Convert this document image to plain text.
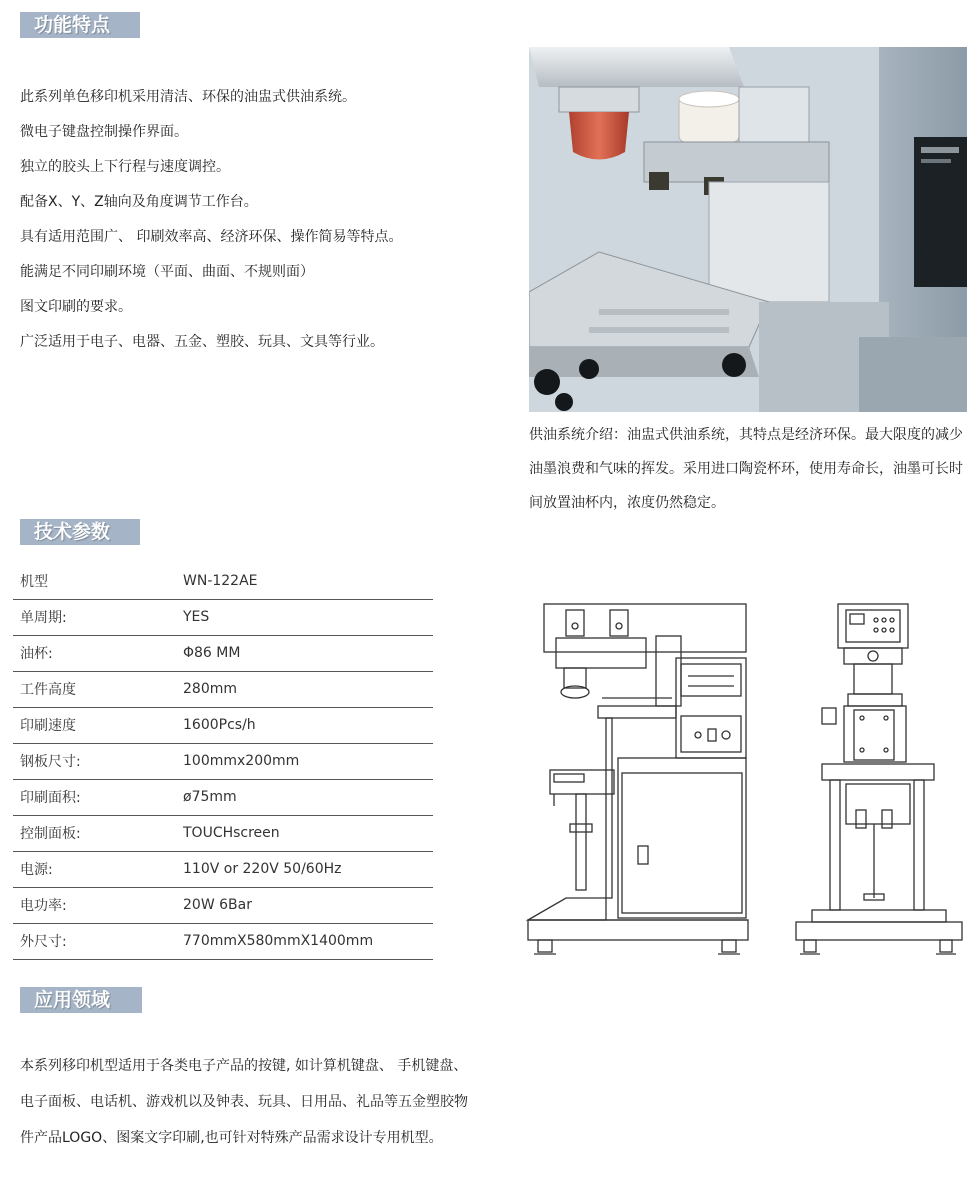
功能特点
此系列单色移印机采用清洁、环保的油盅式供油系统。
微电子键盘控制操作界面。
独立的胶头上下行程与速度调控。
配备X、Y、Z轴向及角度调节工作台。
具有适用范围广、 印刷效率高、经济环保、操作简易等特点。
能满足不同印刷环境（平面、曲面、不规则面）
图文印刷的要求。
广泛适用于电子、电器、五金、塑胶、玩具、文具等行业。
供油系统介绍：油盅式供油系统，其特点是经济环保。最大限度的减少油墨浪费和气味的挥发。采用进口陶瓷杯环，使用寿命长，油墨可长时间放置油杯内，浓度仍然稳定。
技术参数
机型	WN-122AE
单周期:	YES
油杯:	Φ86 MM
工件高度	280mm
印刷速度	1600Pcs/h
钢板尺寸:	100mmx200mm
印刷面积:	ø75mm
控制面板:	TOUCHscreen
电源:	110V or 220V 50/60Hz
电功率:	20W 6Bar
外尺寸:	770mmX580mmX1400mm
应用领域

本系列移印机型适用于各类电子产品的按键, 如计算机键盘、 手机键盘、电子面板、电话机、游戏机以及钟表、玩具、日用品、礼品等五金塑胶物件产品LOGO、图案文字印刷,也可针对特殊产品需求设计专用机型。
